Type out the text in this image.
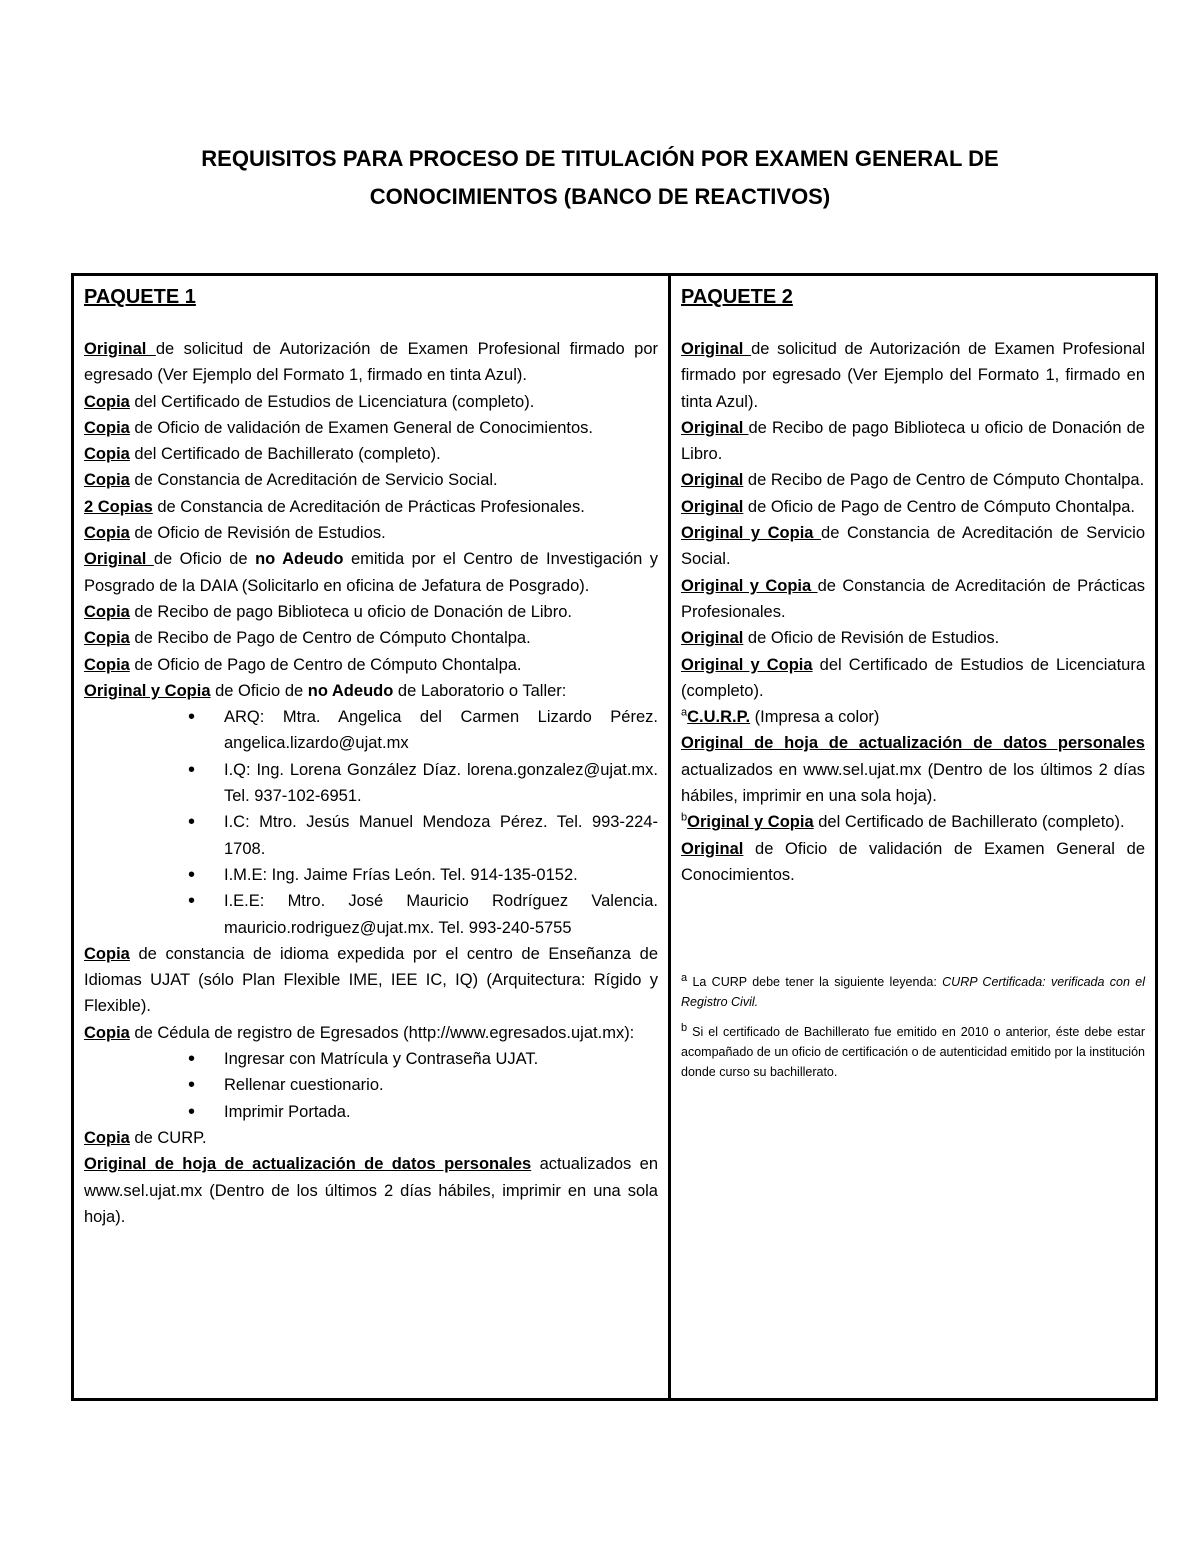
REQUISITOS PARA PROCESO DE TITULACIÓN POR EXAMEN GENERAL DE
CONOCIMIENTOS (BANCO DE REACTIVOS)
PAQUETE 1

Original de solicitud de Autorización de Examen Profesional firmado por egresado (Ver Ejemplo del Formato 1, firmado en tinta Azul).

Copia del Certificado de Estudios de Licenciatura (completo).

Copia de Oficio de validación de Examen General de Conocimientos.

Copia del Certificado de Bachillerato (completo).

Copia de Constancia de Acreditación de Servicio Social.

2 Copias de Constancia de Acreditación de Prácticas Profesionales.

Copia de Oficio de Revisión de Estudios.

Original de Oficio de no Adeudo emitida por el Centro de Investigación y Posgrado de la DAIA (Solicitarlo en oficina de Jefatura de Posgrado).

Copia de Recibo de pago Biblioteca u oficio de Donación de Libro.

Copia de Recibo de Pago de Centro de Cómputo Chontalpa.

Copia de Oficio de Pago de Centro de Cómputo Chontalpa.

Original y Copia de Oficio de no Adeudo de Laboratorio o Taller:

• ARQ: Mtra. Angelica del Carmen Lizardo Pérez. angelica.lizardo@ujat.mx
• I.Q: Ing. Lorena González Díaz. lorena.gonzalez@ujat.mx. Tel. 937-102-6951.
• I.C: Mtro. Jesús Manuel Mendoza Pérez. Tel. 993-224-1708.
• I.M.E: Ing. Jaime Frías León. Tel. 914-135-0152.
• I.E.E: Mtro. José Mauricio Rodríguez Valencia. mauricio.rodriguez@ujat.mx. Tel. 993-240-5755

Copia de constancia de idioma expedida por el centro de Enseñanza de Idiomas UJAT (sólo Plan Flexible IME, IEE IC, IQ) (Arquitectura: Rígido y Flexible).

Copia de Cédula de registro de Egresados (http://www.egresados.ujat.mx):

• Ingresar con Matrícula y Contraseña UJAT.
• Rellenar cuestionario.
• Imprimir Portada.

Copia de CURP.

Original de hoja de actualización de datos personales actualizados en www.sel.ujat.mx (Dentro de los últimos 2 días hábiles, imprimir en una sola hoja).

PAQUETE 2

Original de solicitud de Autorización de Examen Profesional firmado por egresado (Ver Ejemplo del Formato 1, firmado en tinta Azul).

Original de Recibo de pago Biblioteca u oficio de Donación de Libro.

Original de Recibo de Pago de Centro de Cómputo Chontalpa.

Original de Oficio de Pago de Centro de Cómputo Chontalpa.

Original y Copia de Constancia de Acreditación de Servicio Social.

Original y Copia de Constancia de Acreditación de Prácticas Profesionales.

Original de Oficio de Revisión de Estudios.

Original y Copia del Certificado de Estudios de Licenciatura (completo).

$^a$C.U.R.P. (Impresa a color)

Original de hoja de actualización de datos personales actualizados en www.sel.ujat.mx (Dentro de los últimos 2 días hábiles, imprimir en una sola hoja).

$^b$Original y Copia del Certificado de Bachillerato (completo).

Original de Oficio de validación de Examen General de Conocimientos.

$^a$ La CURP debe tener la siguiente leyenda: CURP Certificada: verificada con el Registro Civil.

$^b$ Si el certificado de Bachillerato fue emitido en 2010 o anterior, éste debe estar acompañado de un oficio de certificación o de autenticidad emitido por la institución donde curso su bachillerato.
